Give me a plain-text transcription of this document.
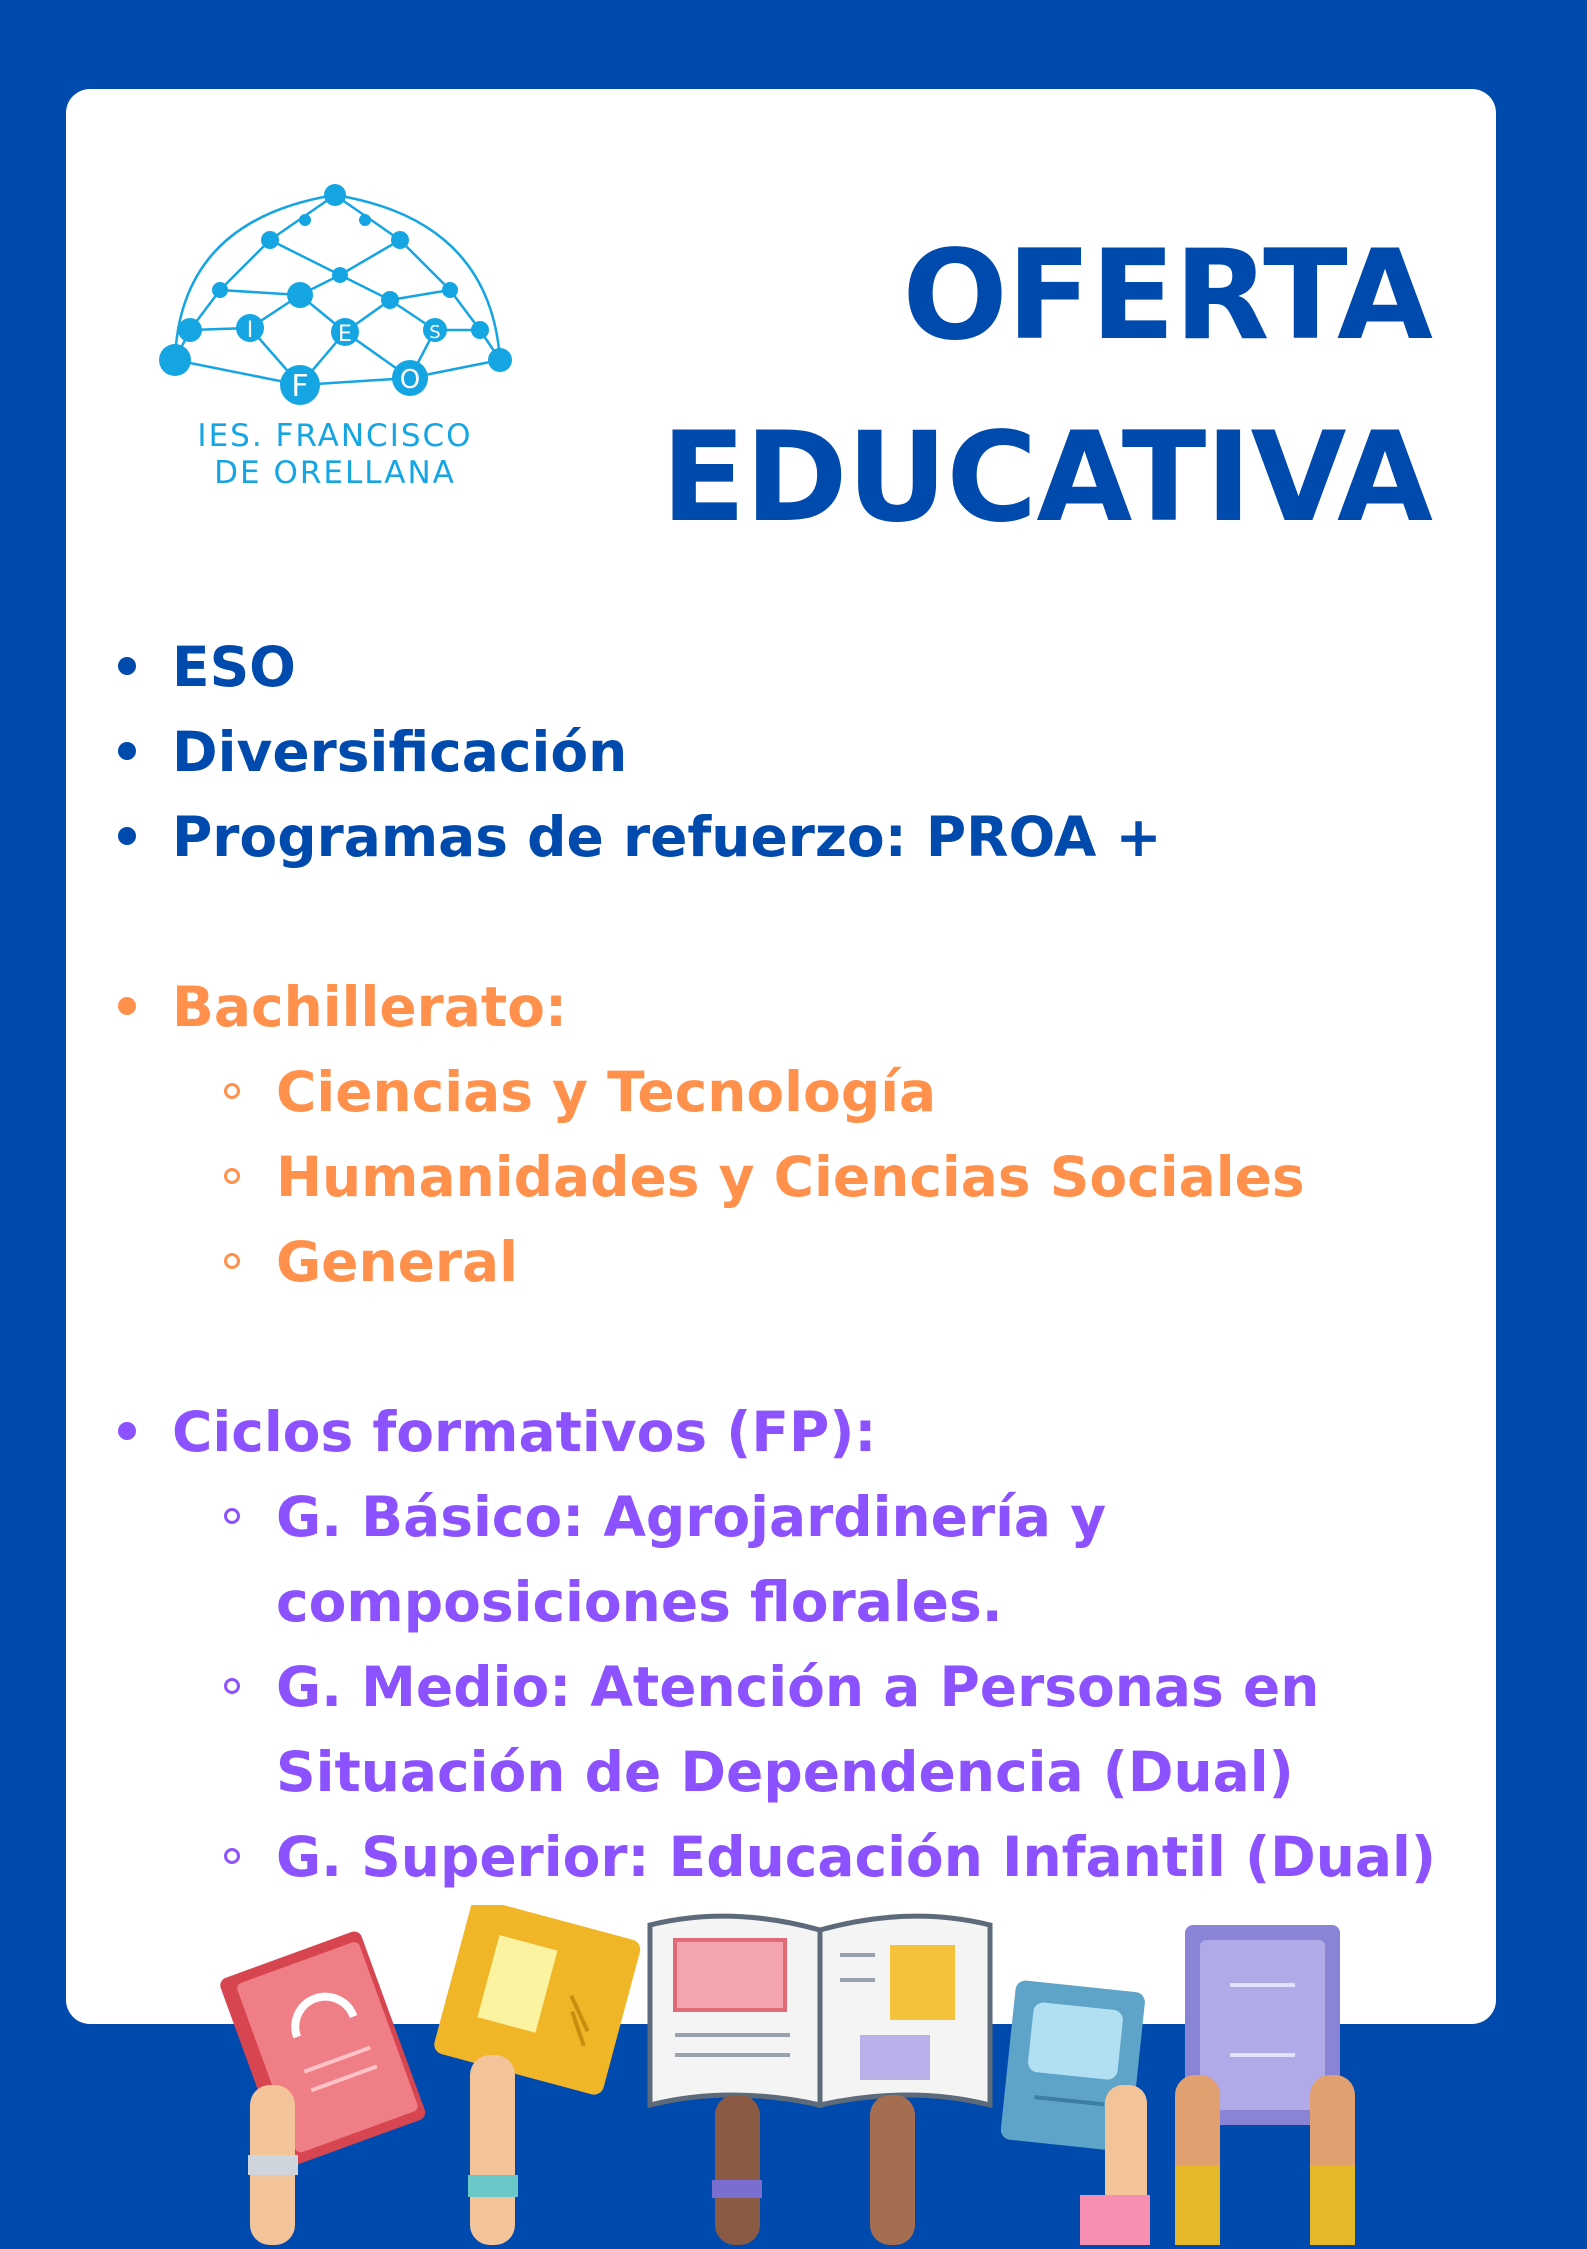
I	E	S
F	O
IES. FRANCISCO
DE ORELLANA
OFERTA
EDUCATIVA
ESO
Diversificación
Programas de refuerzo: PROA +
Bachillerato:
Ciencias y Tecnología
Humanidades y Ciencias Sociales
General
Ciclos formativos (FP):
G. Básico: Agrojardinería y
composiciones florales.
G. Medio: Atención a Personas en
Situación de Dependencia (Dual)
G. Superior: Educación Infantil (Dual)
